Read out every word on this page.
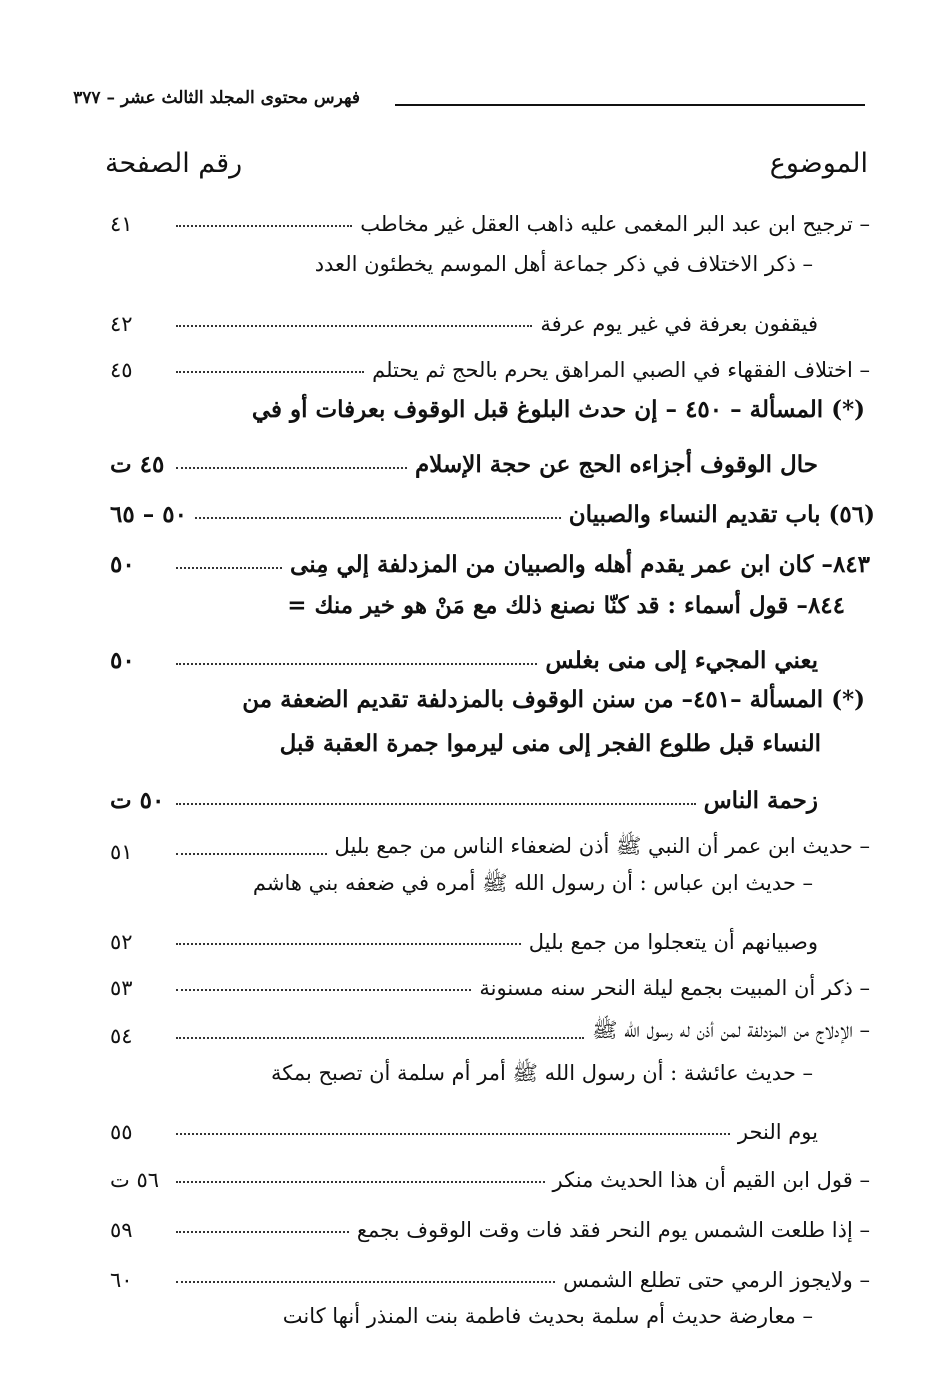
فهرس محتوى المجلد الثالث عشر – ٣٧٧
الموضوع
رقم الصفحة
– ترجيح ابن عبد البر المغمى عليه ذاهب العقل غير مخاطب
٤١
– ذكر الاختلاف في ذكر جماعة أهل الموسم يخطئون العدد
فيقفون بعرفة في غير يوم عرفة
٤٢
– اختلاف الفقهاء في الصبي المراهق يحرم بالحج ثم يحتلم
٤٥
(*) المسألة – ٤٥٠ – إن حدث البلوغ قبل الوقوف بعرفات أو في
حال الوقوف أجزاءه الحج عن حجة الإسلام
٤٥ ت
(٥٦) باب تقديم النساء والصبيان
٥٠ – ٦٥
٨٤٣– كان ابن عمر يقدم أهله والصبيان من المزدلفة إلي مِنى
٥٠
٨٤٤– قول أسماء : قد كنّا نصنع ذلك مع مَنْ هو خير منك =
يعني المجيء إلى منى بغلس
٥٠
(*) المسألة –٤٥١– من سنن الوقوف بالمزدلفة تقديم الضعفة من
النساء قبل طلوع الفجر إلى منى ليرموا جمرة العقبة قبل
زحمة الناس
٥٠ ت
– حديث ابن عمر أن النبي ﷺ أذن لضعفاء الناس من جمع بليل
٥١
– حديث ابن عباس : أن رسول الله ﷺ أمره في ضعفه بني هاشم
وصبيانهم أن يتعجلوا من جمع بليل
٥٢
– ذكر أن المبيت بجمع ليلة النحر سنه مسنونة
٥٣
– الإدلاج من المزدلفة لمن أذن له رسول الله ﷺ
٥٤
– حديث عائشة : أن رسول الله ﷺ أمر أم سلمة أن تصبح بمكة
يوم النحر
٥٥
– قول ابن القيم أن هذا الحديث منكر
٥٦ ت
– إذا طلعت الشمس يوم النحر فقد فات وقت الوقوف بجمع
٥٩
– ولايجوز الرمي حتى تطلع الشمس
٦٠
– معارضة حديث أم سلمة بحديث فاطمة بنت المنذر أنها كانت
